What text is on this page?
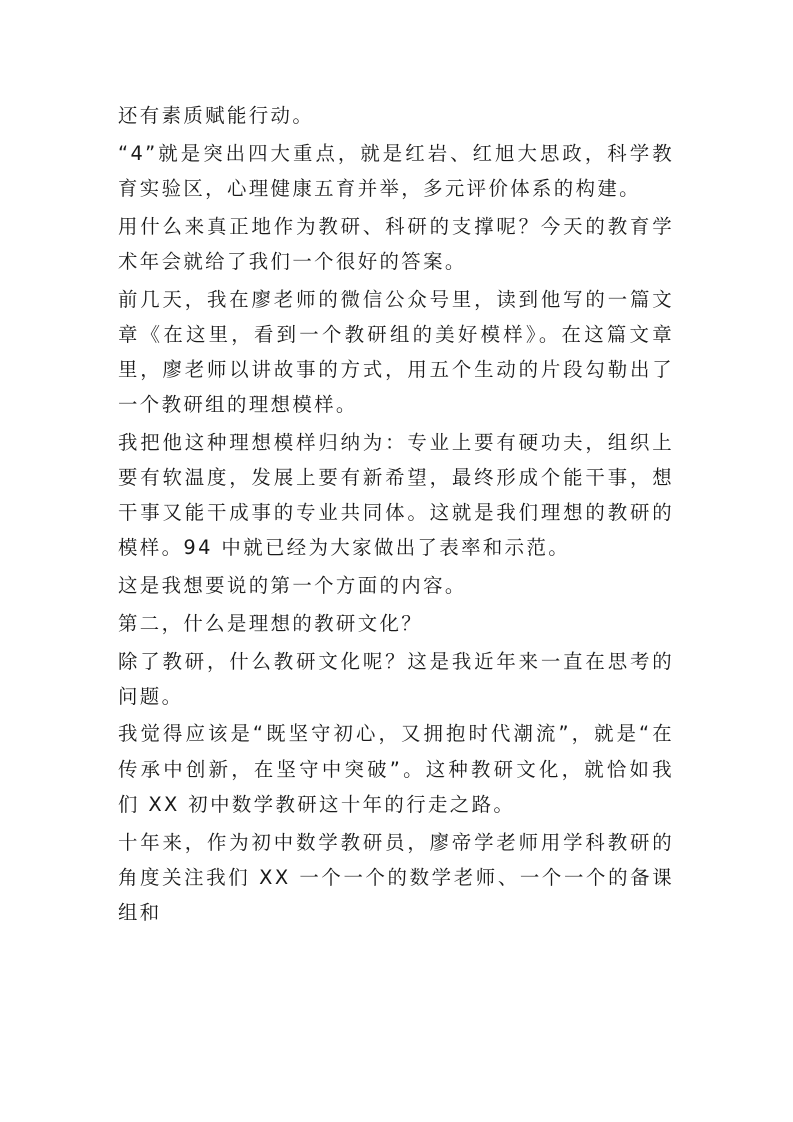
还有素质赋能行动。

“4”就是突出四大重点，就是红岩、红旭大思政，科学教育实验区，心理健康五育并举，多元评价体系的构建。

用什么来真正地作为教研、科研的支撑呢？今天的教育学术年会就给了我们一个很好的答案。

前几天，我在廖老师的微信公众号里，读到他写的一篇文章《在这里，看到一个教研组的美好模样》。在这篇文章里，廖老师以讲故事的方式，用五个生动的片段勾勒出了一个教研组的理想模样。

我把他这种理想模样归纳为：专业上要有硬功夫，组织上要有软温度，发展上要有新希望，最终形成个能干事，想干事又能干成事的专业共同体。这就是我们理想的教研的模样。94 中就已经为大家做出了表率和示范。

这是我想要说的第一个方面的内容。

第二，什么是理想的教研文化？

除了教研，什么教研文化呢？这是我近年来一直在思考的问题。

我觉得应该是“既坚守初心，又拥抱时代潮流”，就是“在传承中创新，在坚守中突破”。这种教研文化，就恰如我们 XX 初中数学教研这十年的行走之路。

十年来，作为初中数学教研员，廖帝学老师用学科教研的角度关注我们 XX 一个一个的数学老师、一个一个的备课组和
